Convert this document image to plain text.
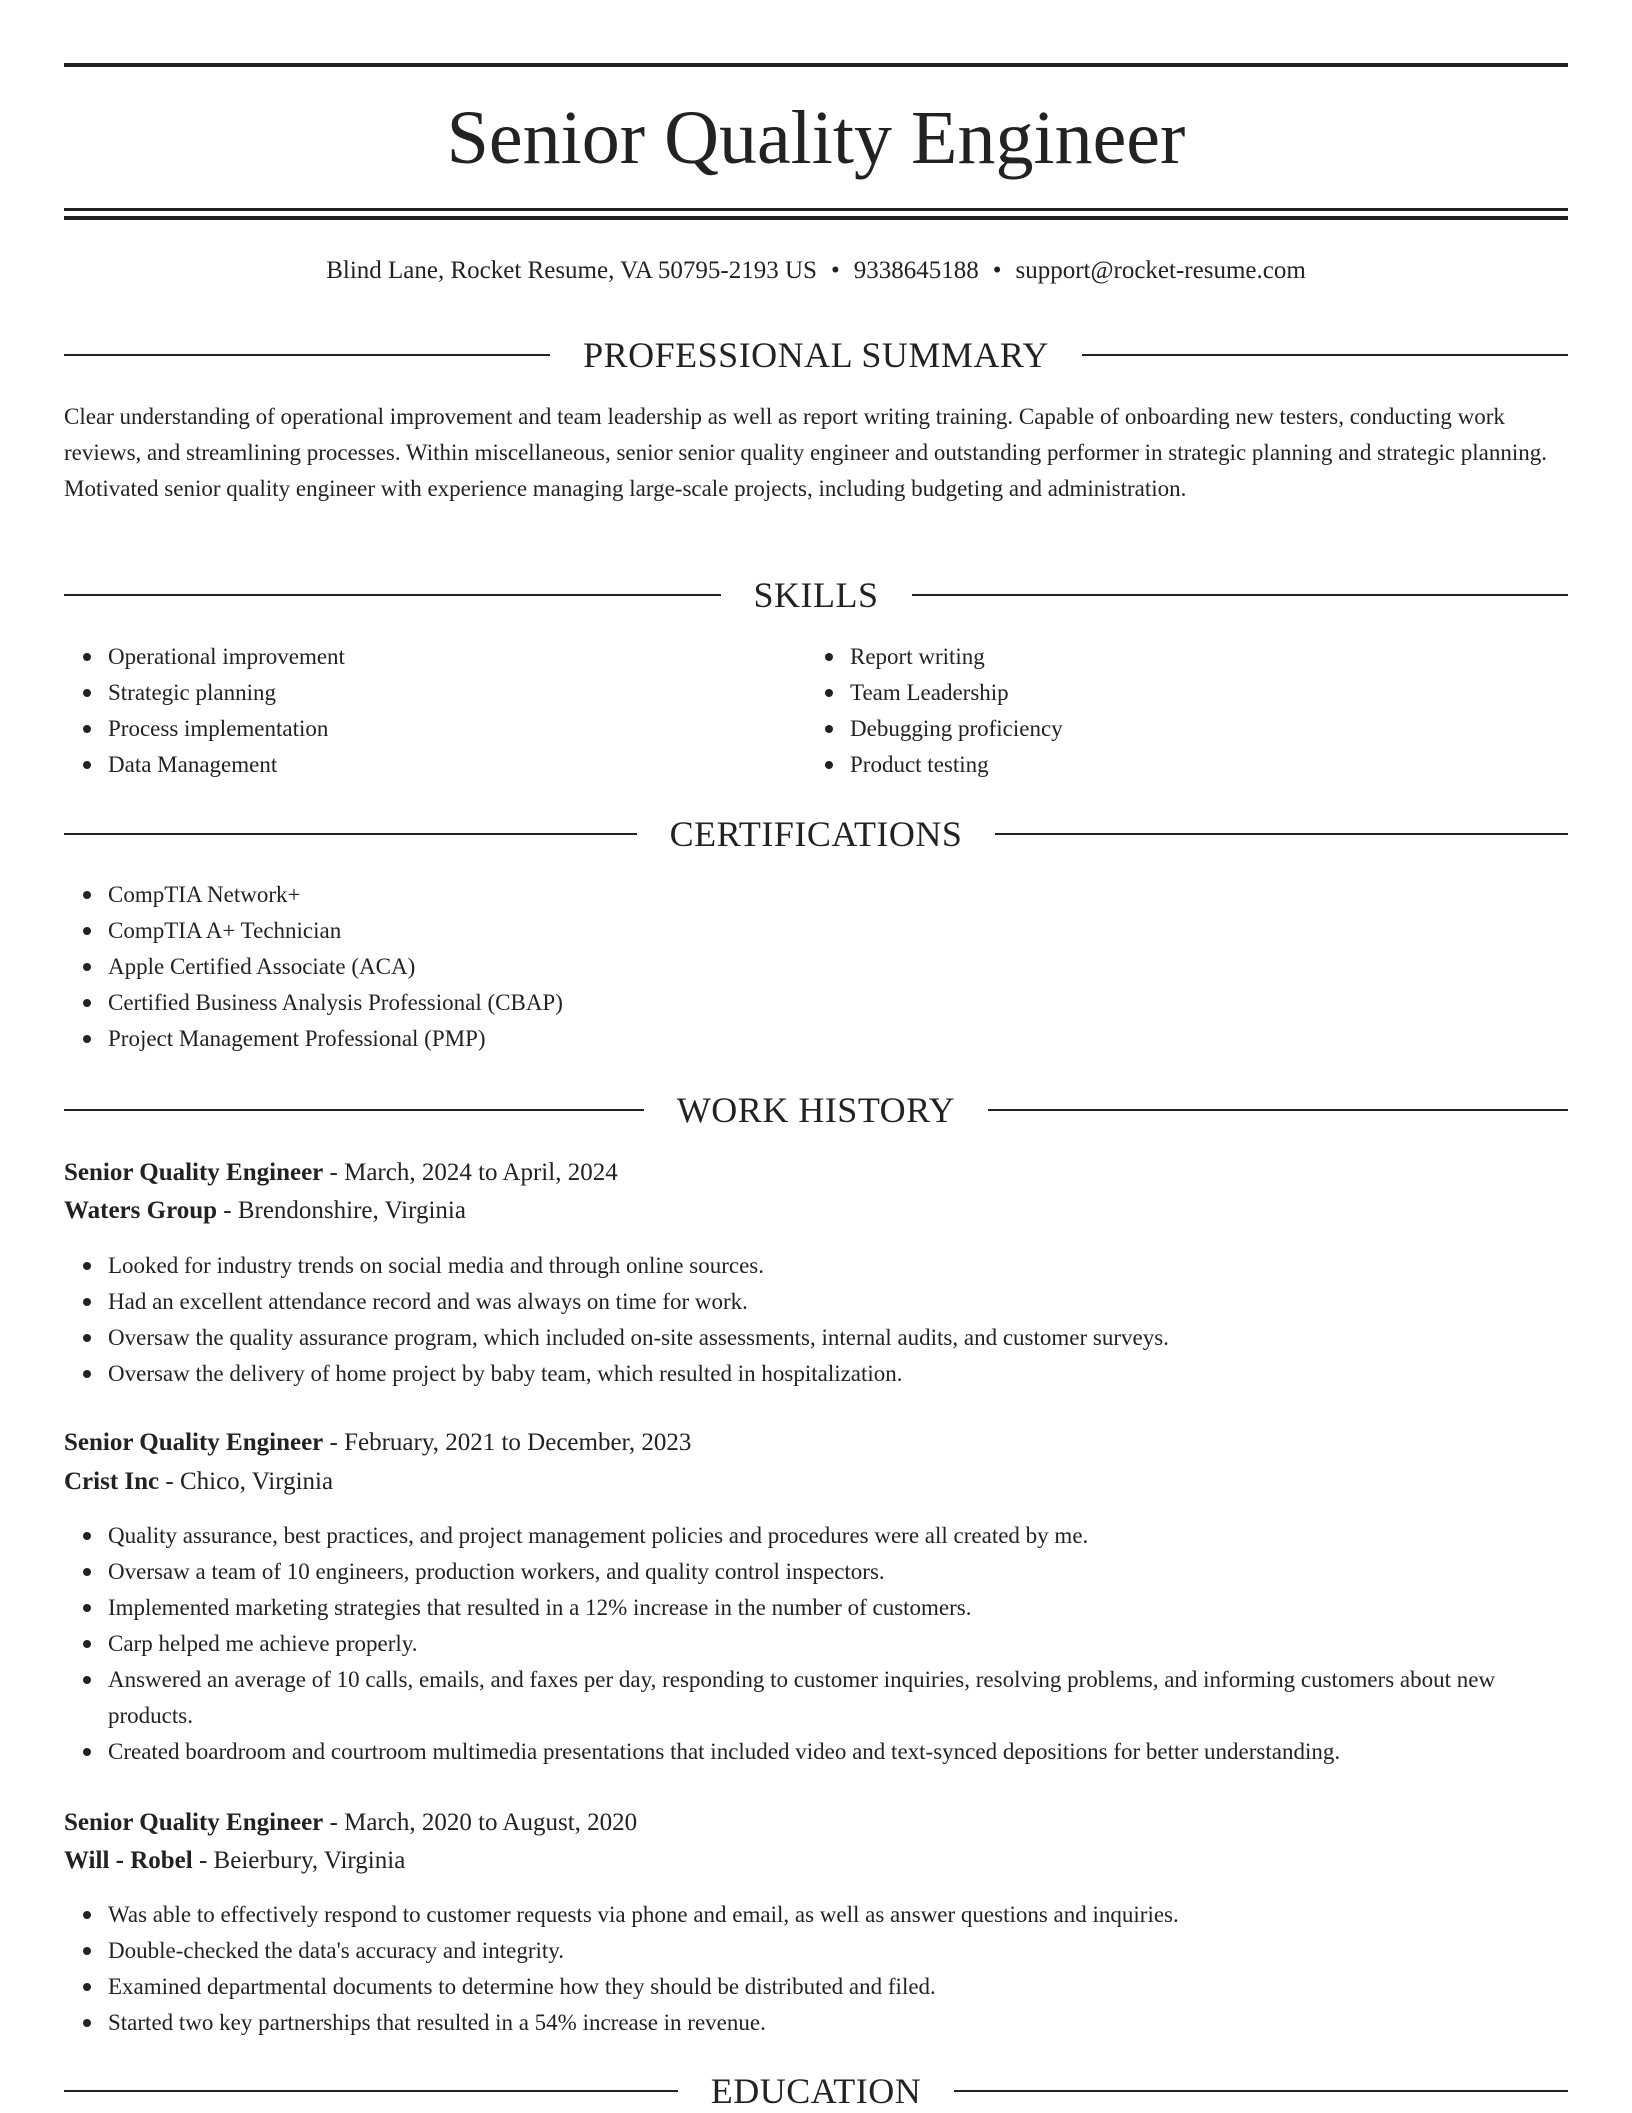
Senior Quality Engineer
Blind Lane, Rocket Resume, VA 50795-2193 US • 9338645188 • support@rocket-resume.com
PROFESSIONAL SUMMARY

Clear understanding of operational improvement and team leadership as well as report writing training. Capable of onboarding new testers, conducting work reviews, and streamlining processes. Within miscellaneous, senior senior quality engineer and outstanding performer in strategic planning and strategic planning. Motivated senior quality engineer with experience managing large-scale projects, including budgeting and administration.

SKILLS
Operational improvement
Strategic planning
Process implementation
Data Management
Report writing
Team Leadership
Debugging proficiency
Product testing
CERTIFICATIONS
CompTIA Network+
CompTIA A+ Technician
Apple Certified Associate (ACA)
Certified Business Analysis Professional (CBAP)
Project Management Professional (PMP)
WORK HISTORY
Senior Quality Engineer - March, 2024 to April, 2024
Waters Group - Brendonshire, Virginia
Looked for industry trends on social media and through online sources.
Had an excellent attendance record and was always on time for work.
Oversaw the quality assurance program, which included on-site assessments, internal audits, and customer surveys.
Oversaw the delivery of home project by baby team, which resulted in hospitalization.
Senior Quality Engineer - February, 2021 to December, 2023
Crist Inc - Chico, Virginia
Quality assurance, best practices, and project management policies and procedures were all created by me.
Oversaw a team of 10 engineers, production workers, and quality control inspectors.
Implemented marketing strategies that resulted in a 12% increase in the number of customers.
Carp helped me achieve properly.
Answered an average of 10 calls, emails, and faxes per day, responding to customer inquiries, resolving problems, and informing customers about new products.
Created boardroom and courtroom multimedia presentations that included video and text-synced depositions for better understanding.
Senior Quality Engineer - March, 2020 to August, 2020
Will - Robel - Beierbury, Virginia
Was able to effectively respond to customer requests via phone and email, as well as answer questions and inquiries.
Double-checked the data's accuracy and integrity.
Examined departmental documents to determine how they should be distributed and filed.
Started two key partnerships that resulted in a 54% increase in revenue.
EDUCATION
